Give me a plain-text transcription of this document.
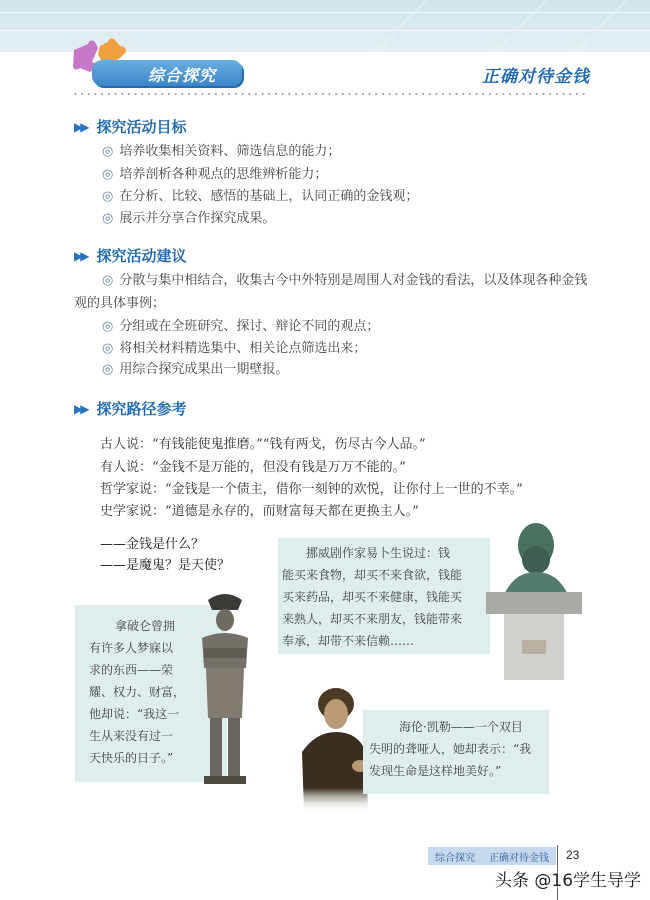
综合探究	正确对待金钱
▶▶ 探究活动目标
◎ 培养收集相关资料、筛选信息的能力；
◎ 培养剖析各种观点的思维辨析能力；
◎ 在分析、比较、感悟的基础上，认同正确的金钱观；
◎ 展示并分享合作探究成果。
▶▶ 探究活动建议
◎ 分散与集中相结合，收集古今中外特别是周围人对金钱的看法，以及体现各种金钱
观的具体事例；
◎ 分组或在全班研究、探讨、辩论不同的观点；
◎ 将相关材料精选集中、相关论点筛选出来；
◎ 用综合探究成果出一期壁报。
▶▶ 探究路径参考
古人说：“有钱能使鬼推磨。”“钱有两戈，伤尽古今人品。”
有人说：“金钱不是万能的，但没有钱是万万不能的。”
哲学家说：“金钱是一个债主，借你一刻钟的欢悦，让你付上一世的不幸。”
史学家说：“道德是永存的，而财富每天都在更换主人。”
——金钱是什么？
——是魔鬼？是天使？

挪威剧作家易卜生说过：钱

能买来食物，却买不来食欲，钱能

买来药品，却买不来健康，钱能买

来熟人，却买不来朋友，钱能带来

奉承，却带不来信赖……

拿破仑曾拥

有许多人梦寐以

求的东西——荣

耀、权力、财富，

他却说：“我这一

生从来没有过一

天快乐的日子。”

海伦·凯勒——一个双目

失明的聋哑人，她却表示：“我

发现生命是这样地美好。”

综合探究 正确对待金钱 23
头条 @16学生导学
